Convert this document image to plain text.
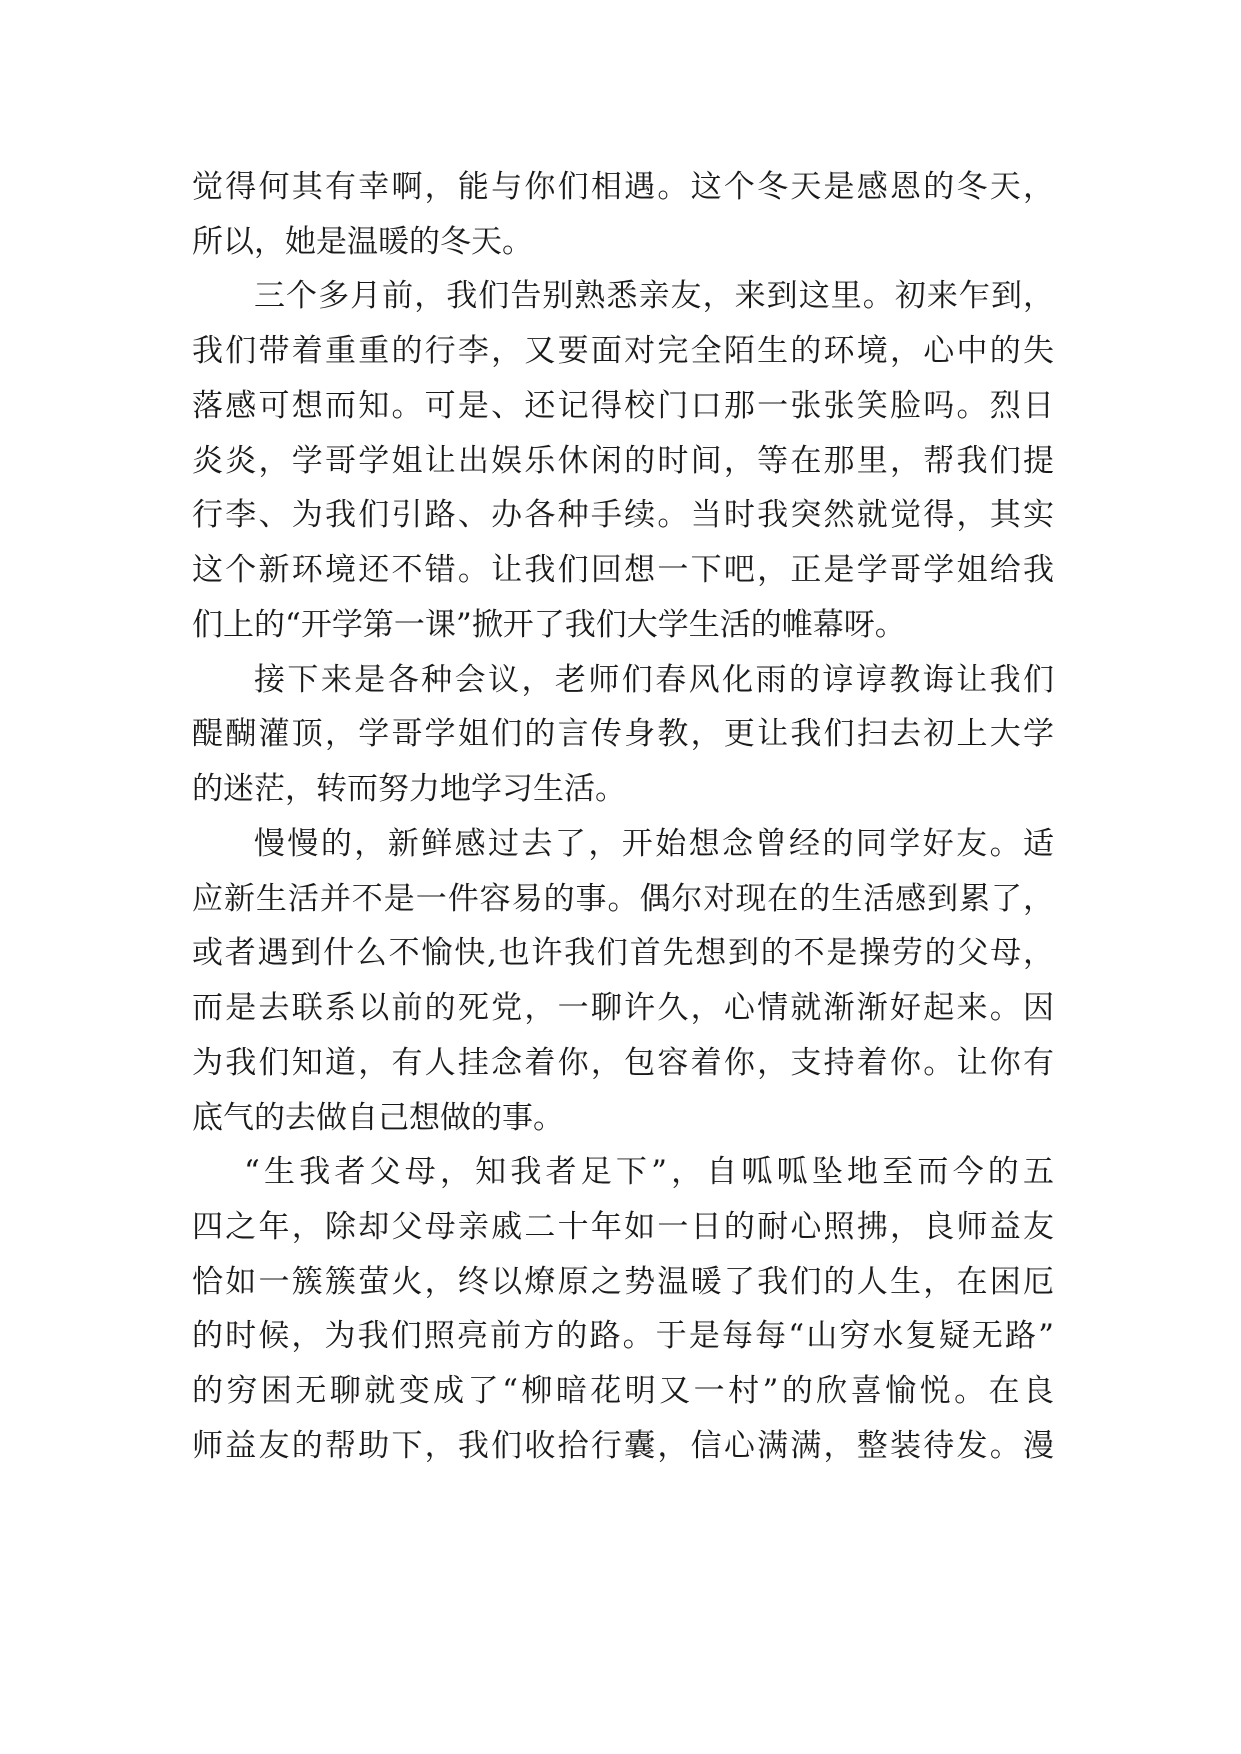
觉得何其有幸啊，能与你们相遇。这个冬天是感恩的冬天，
所以，她是温暖的冬天。
三个多月前，我们告别熟悉亲友，来到这里。初来乍到，
我们带着重重的行李，又要面对完全陌生的环境，心中的失
落感可想而知。可是、还记得校门口那一张张笑脸吗。烈日
炎炎，学哥学姐让出娱乐休闲的时间，等在那里，帮我们提
行李、为我们引路、办各种手续。当时我突然就觉得，其实
这个新环境还不错。让我们回想一下吧，正是学哥学姐给我
们上的“开学第一课”掀开了我们大学生活的帷幕呀。
接下来是各种会议，老师们春风化雨的谆谆教诲让我们
醍醐灌顶，学哥学姐们的言传身教，更让我们扫去初上大学
的迷茫，转而努力地学习生活。
慢慢的，新鲜感过去了，开始想念曾经的同学好友。适
应新生活并不是一件容易的事。偶尔对现在的生活感到累了，
或者遇到什么不愉快,也许我们首先想到的不是操劳的父母，
而是去联系以前的死党，一聊许久，心情就渐渐好起来。因
为我们知道，有人挂念着你，包容着你，支持着你。让你有
底气的去做自己想做的事。
“生我者父母，知我者足下”，自呱呱坠地至而今的五
四之年，除却父母亲戚二十年如一日的耐心照拂，良师益友
恰如一簇簇萤火，终以燎原之势温暖了我们的人生，在困厄
的时候，为我们照亮前方的路。于是每每“山穷水复疑无路”
的穷困无聊就变成了“柳暗花明又一村”的欣喜愉悦。在良
师益友的帮助下，我们收拾行囊，信心满满，整装待发。漫
